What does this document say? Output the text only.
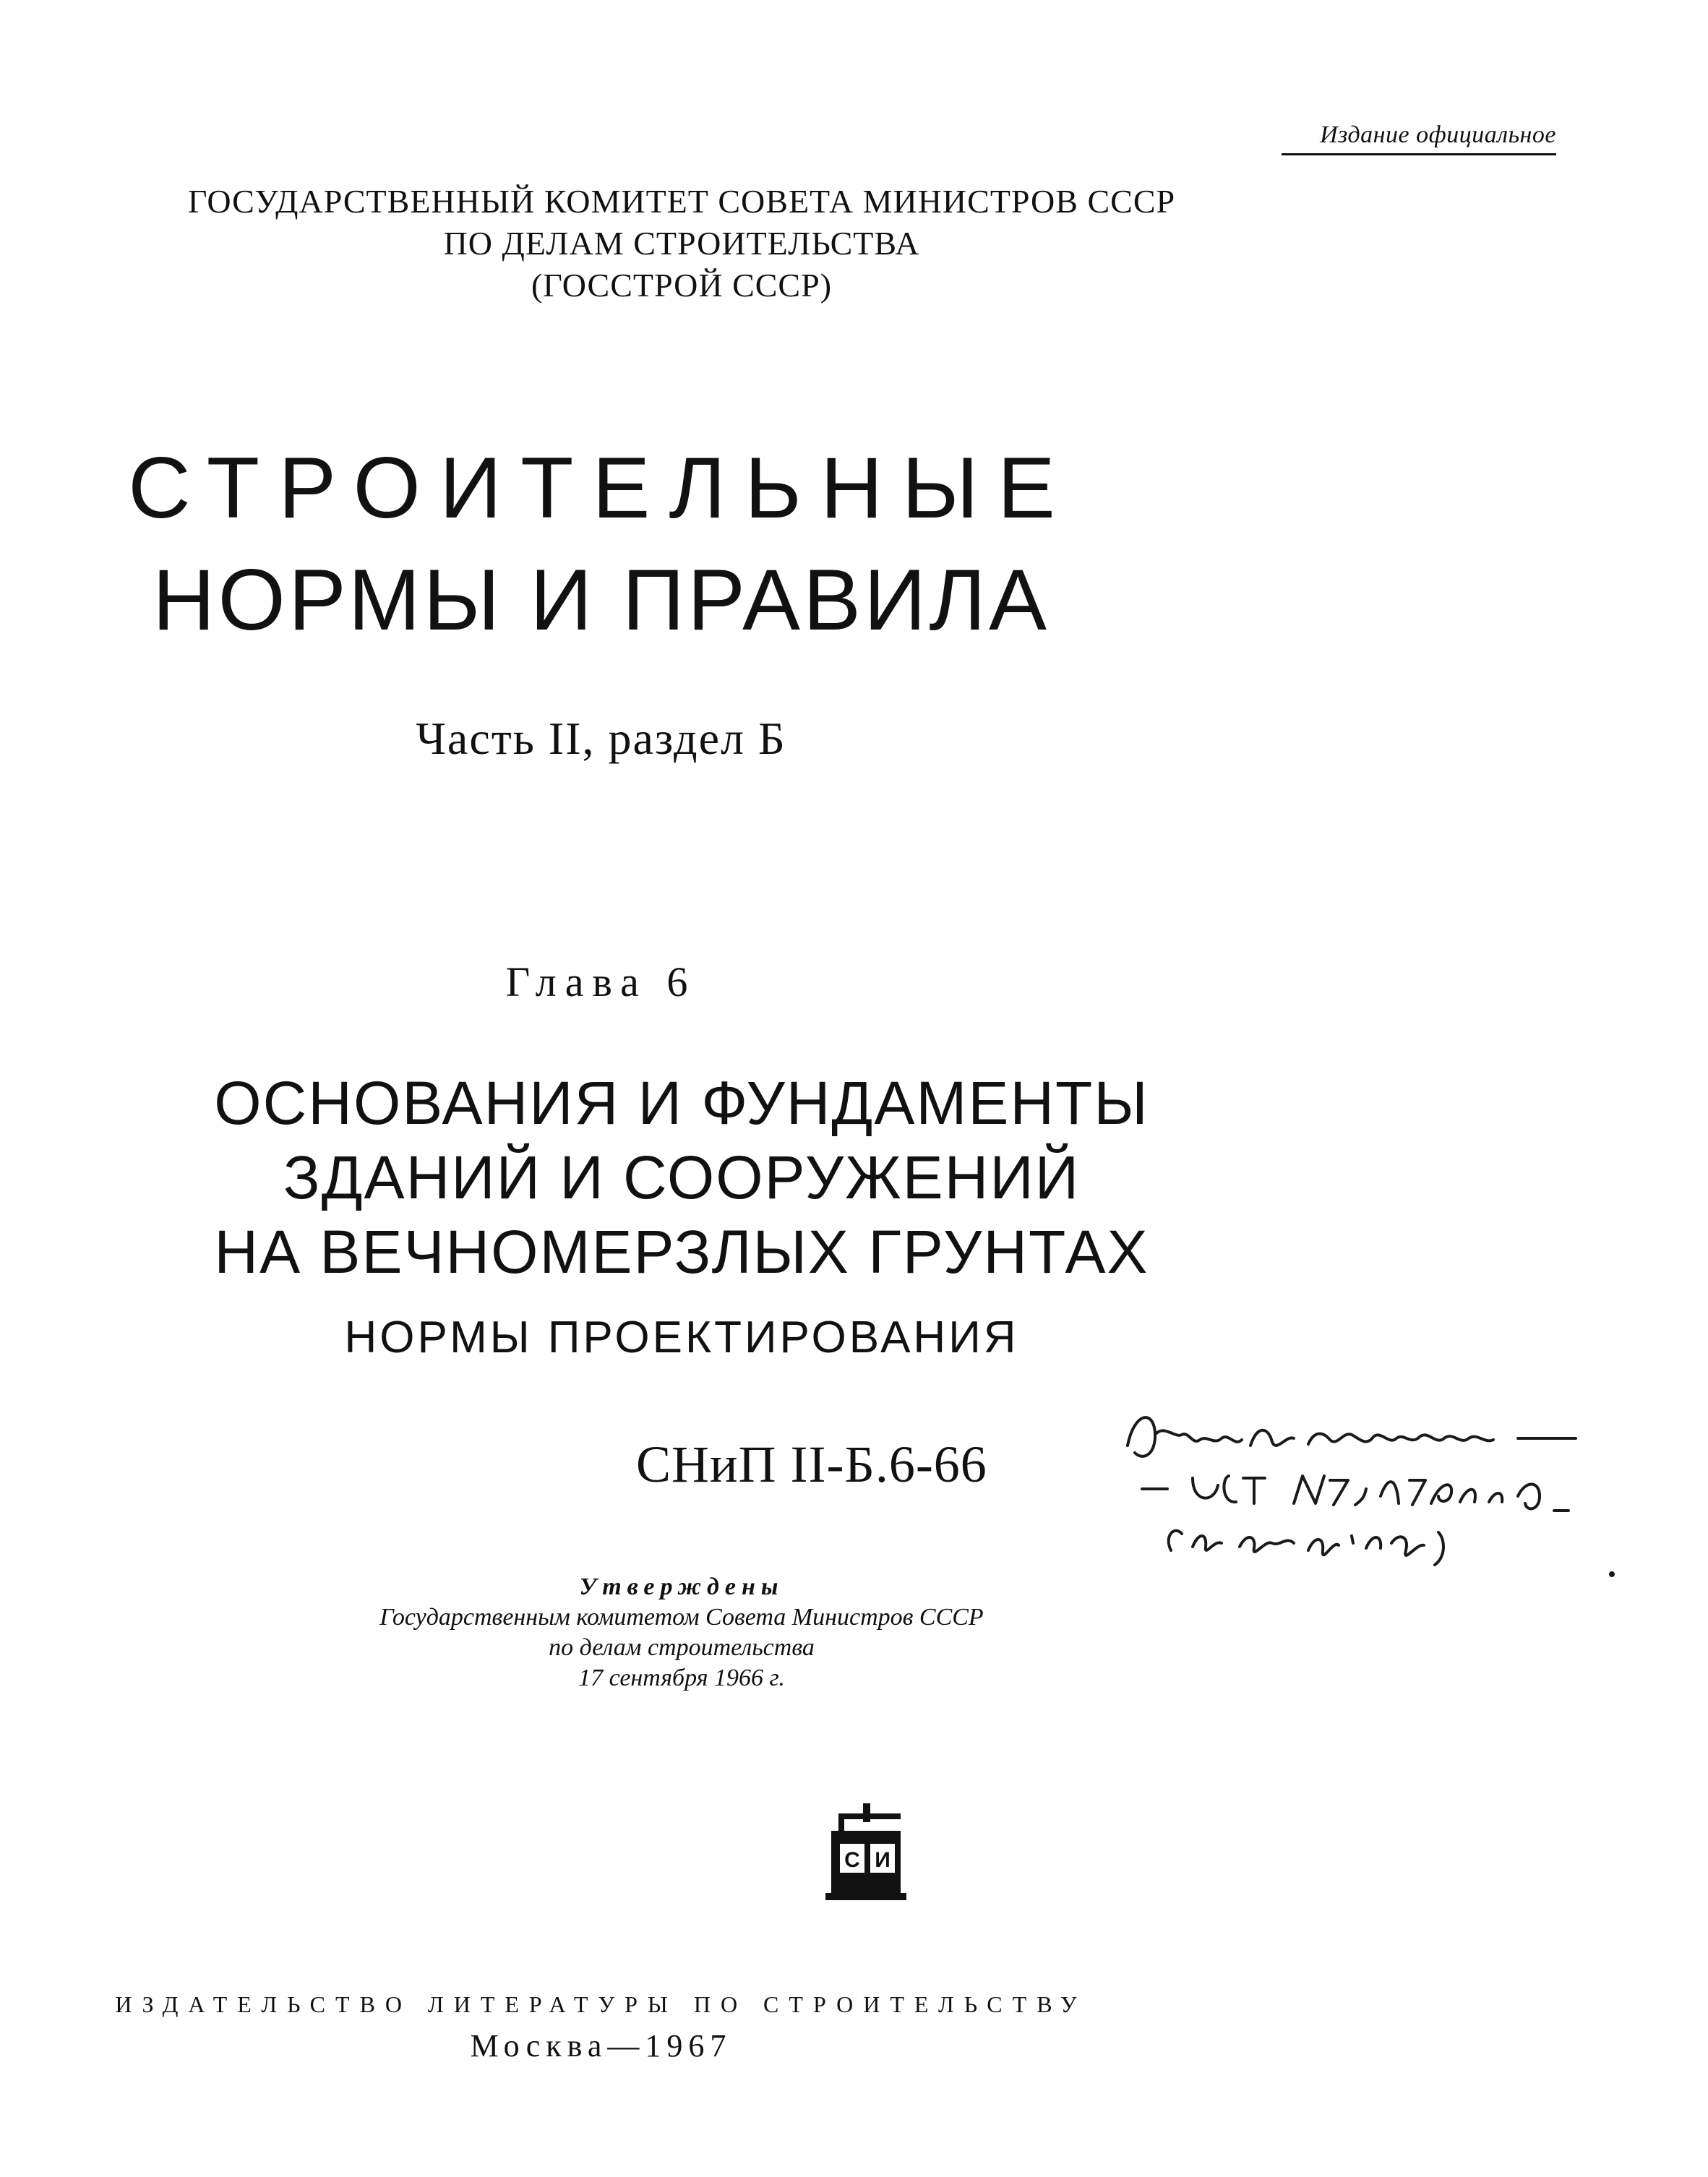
Издание официальное
ГОСУДАРСТВЕННЫЙ КОМИТЕТ СОВЕТА МИНИСТРОВ СССР
ПО ДЕЛАМ СТРОИТЕЛЬСТВА
(ГОССТРОЙ СССР)
СТРОИТЕЛЬНЫЕ
НОРМЫ И ПРАВИЛА
Часть II, раздел Б
Глава 6
ОСНОВАНИЯ И ФУНДАМЕНТЫ
ЗДАНИЙ И СООРУЖЕНИЙ
НА ВЕЧНОМЕРЗЛЫХ ГРУНТАХ
НОРМЫ ПРОЕКТИРОВАНИЯ
СНиП II-Б.6-66
Утверждены
Государственным комитетом Совета Министров СССР
по делам строительства
17 сентября 1966 г.
С И
ИЗДАТЕЛЬСТВО ЛИТЕРАТУРЫ ПО СТРОИТЕЛЬСТВУ
Москва—1967
